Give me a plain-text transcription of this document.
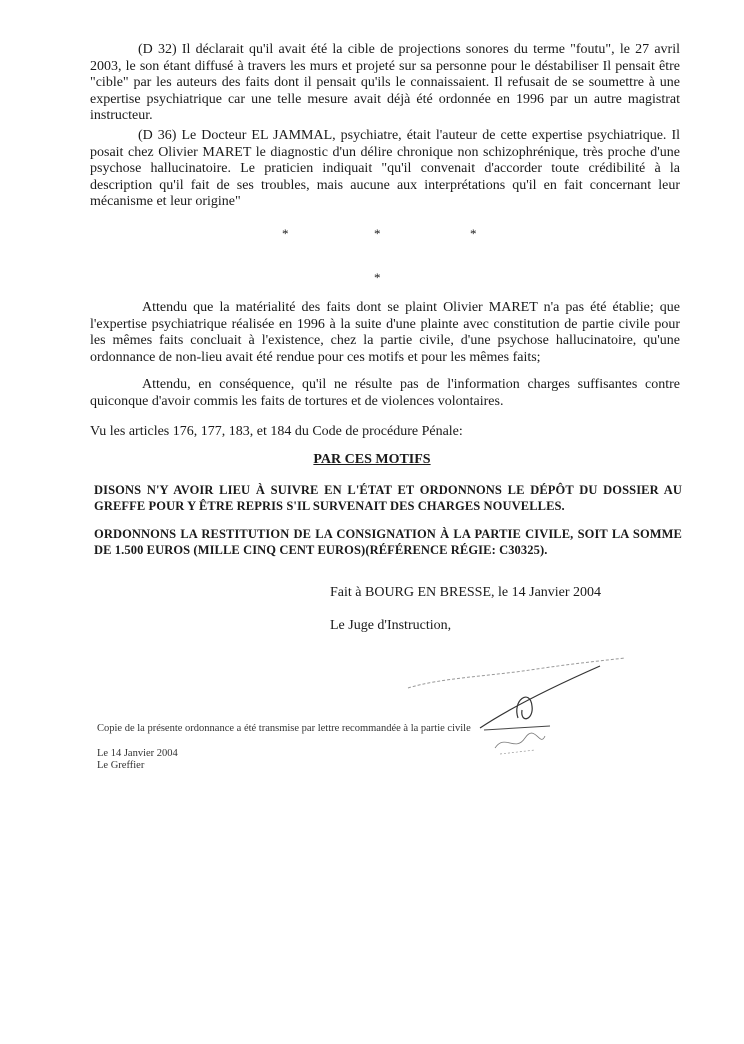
(D 32) Il déclarait qu'il avait été la cible de projections sonores du terme "foutu", le 27 avril 2003, le son étant diffusé à travers les murs et projeté sur sa personne pour le déstabiliser Il pensait être "cible" par les auteurs des faits dont il pensait qu'ils le connaissaient. Il refusait de se soumettre à une expertise psychiatrique car une telle mesure avait déjà été ordonnée en 1996 par un autre magistrat instructeur.

(D 36) Le Docteur EL JAMMAL, psychiatre, était l'auteur de cette expertise psychiatrique. Il posait chez Olivier MARET le diagnostic d'un délire chronique non schizophrénique, très proche d'une psychose hallucinatoire. Le praticien indiquait "qu'il convenait d'accorder toute crédibilité à la description qu'il fait de ses troubles, mais aucune aux interprétations qu'il en fait concernant leur mécanisme et leur origine"

*	*	*
*

Attendu que la matérialité des faits dont se plaint Olivier MARET n'a pas été établie; que l'expertise psychiatrique réalisée en 1996 à la suite d'une plainte avec constitution de partie civile pour les mêmes faits concluait à l'existence, chez la partie civile, d'une psychose hallucinatoire, qu'une ordonnance de non-lieu avait été rendue pour ces motifs et pour les mêmes faits;

Attendu, en conséquence, qu'il ne résulte pas de l'information charges suffisantes contre quiconque d'avoir commis les faits de tortures et de violences volontaires.

Vu les articles 176, 177, 183, et 184 du Code de procédure Pénale:

PAR CES MOTIFS
DISONS N'Y AVOIR LIEU À SUIVRE EN L'ÉTAT ET ORDONNONS LE DÉPÔT DU DOSSIER AU GREFFE POUR Y ÊTRE REPRIS S'IL SURVENAIT DES CHARGES NOUVELLES.
ORDONNONS LA RESTITUTION DE LA CONSIGNATION À LA PARTIE CIVILE, SOIT LA SOMME DE 1.500 EUROS (MILLE CINQ CENT EUROS)(RÉFÉRENCE RÉGIE: C30325).
Fait à BOURG EN BRESSE, le 14 Janvier 2004
Le Juge d'Instruction,
Copie de la présente ordonnance a été transmise par lettre recommandée à la partie civile
Le 14 Janvier 2004
Le Greffier
